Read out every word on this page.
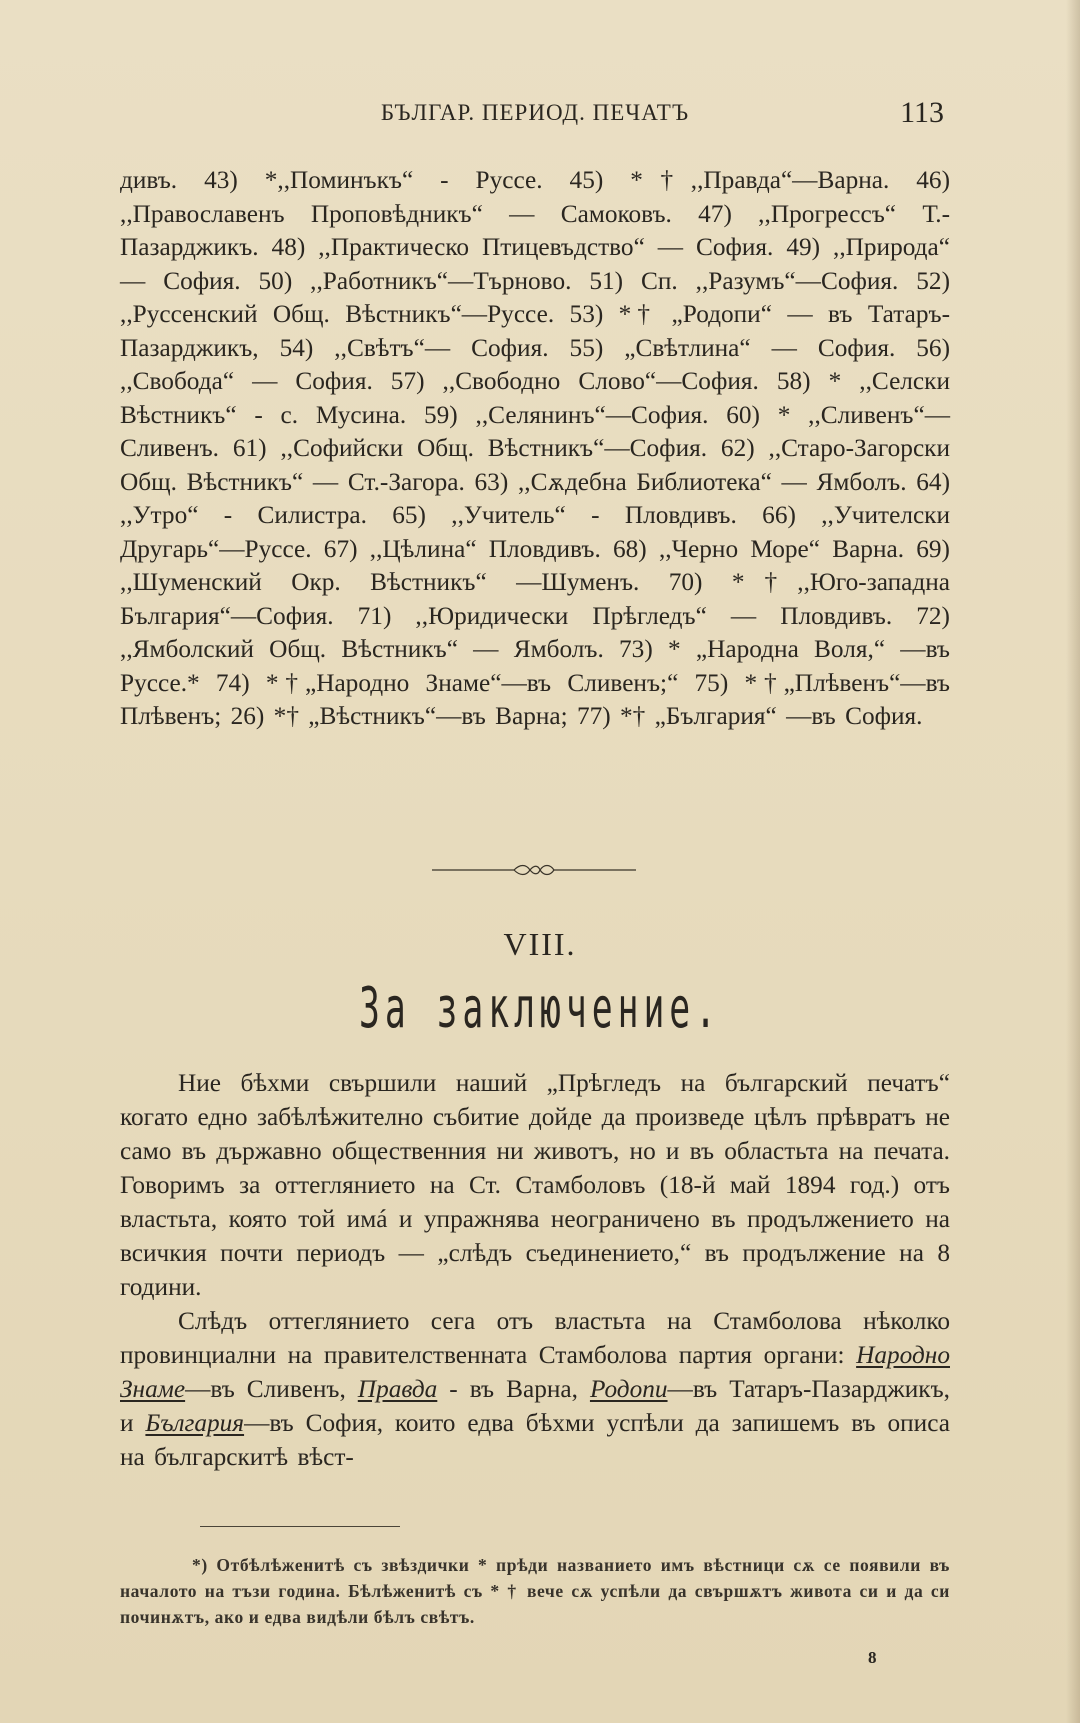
БЪЛГАР. ПЕРИОД. ПЕЧАТЪ	113

дивъ. 43) *,,Поминъкъ“ - Руссе. 45) *†,,Правда“—Варна. 46) ,,Православенъ Проповѣдникъ“ — Самоковъ. 47) ,,Прогрессъ“ Т.-Пазарджикъ. 48) ,,Практическо Птицевъдство“ — София. 49) ,,Природа“ — София. 50) ,,Работникъ“—Търново. 51) Сп. ,,Разумъ“—София. 52) ,,Руссенский Общ. Вѣстникъ“—Руссе. 53) *† „Родопи“ — въ Татаръ-Пазарджикъ, 54) ,,Свѣтъ“— София. 55) „Свѣтлина“ — София. 56) ,,Свобода“ — София. 57) ,,Свободно Слово“—София. 58) * ,,Селски Вѣстникъ“ - с. Мусина. 59) ,,Селянинъ“—София. 60) * ,,Сливенъ“—Сливенъ. 61) ,,Софийски Общ. Вѣстникъ“—София. 62) ,,Старо-Загорски Общ. Вѣстникъ“ — Ст.-Загора. 63) ,,Сѫдебна Библиотека“ — Ямболъ. 64) ,,Утро“ - Силистра. 65) ,,Учитель“ - Пловдивъ. 66) ,,Учителски Другарь“—Руссе. 67) ,,Цѣлина“ Пловдивъ. 68) ,,Черно Море“ Варна. 69) ,,Шуменский Окр. Вѣстникъ“ —Шуменъ. 70) *†,,Юго-западна България“—София. 71) ,,Юридически Прѣгледъ“ — Пловдивъ. 72) ,,Ямболский Общ. Вѣстникъ“ — Ямболъ. 73) * „Народна Воля,“ —въ Руссе.* 74) *†„Народно Знаме“—въ Сливенъ;“ 75) *†„Плѣвенъ“—въ Плѣвенъ; 26) *† „Вѣстникъ“—въ Варна; 77) *† „България“ —въ София.

VIII.
За заключение.

Ние бѣхми свършили наший „Прѣгледъ на българский печатъ“ когато едно забѣлѣжително събитие дойде да произведе цѣлъ прѣвратъ не само въ държавно общественния ни животъ, но и въ областьта на печата. Говоримъ за оттеглянието на Ст. Стамболовъ (18-й май 1894 год.) отъ властьта, която той имá и упражнява неограничено въ продължението на всичкия почти периодъ — „слѣдъ съединението,“ въ продължение на 8 години.

Слѣдъ оттеглянието сега отъ властьта на Стамболова нѣколко провинциални на правителственната Стамболова партия органи: Народно Знаме—въ Сливенъ, Правда - въ Варна, Родопи—въ Татаръ-Пазарджикъ, и България—въ София, които едва бѣхми успѣли да запишемъ въ описа на българскитѣ вѣст-

*) Отбѣлѣженитѣ съ звѣздички * прѣди названието имъ вѣстници сѫ се появили въ началото на тъзи година. Бѣлѣженитѣ съ * † вече сѫ успѣли да свършѫтъ живота си и да си починѫтъ, ако и едва видѣли бѣлъ свѣтъ.
8
